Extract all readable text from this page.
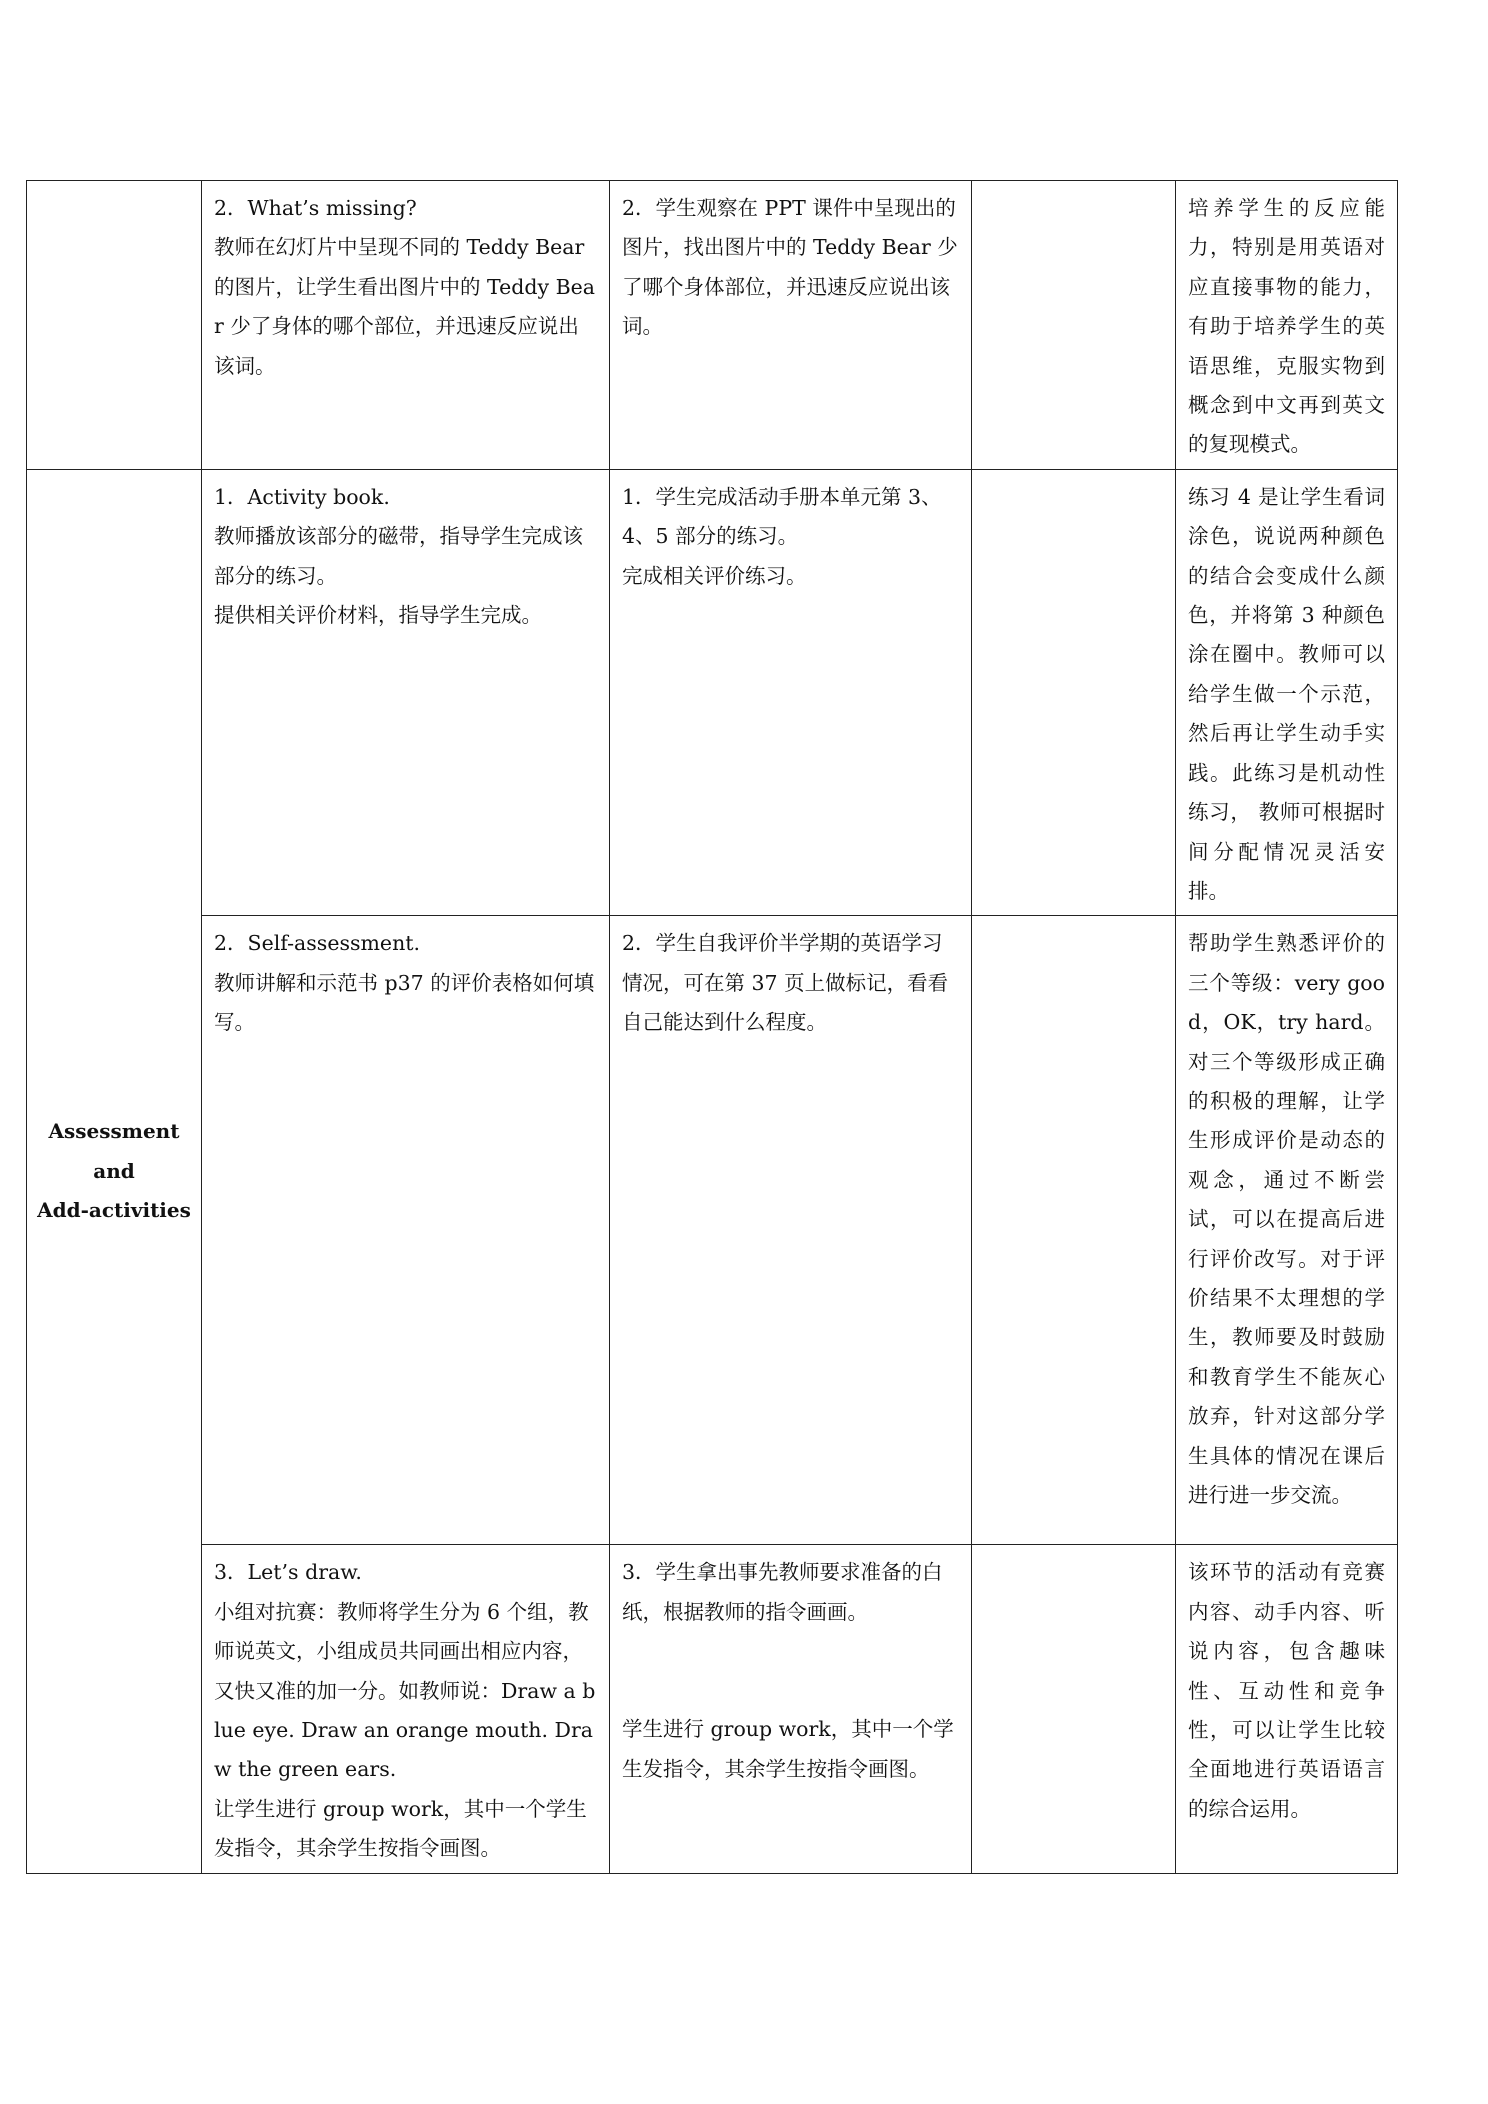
	2．What’s missing?
教师在幻灯片中呈现不同的 Teddy Bear 的图片，让学生看出图片中的 Teddy Bear 少了身体的哪个部位，并迅速反应说出该词。	2．学生观察在 PPT 课件中呈现出的图片，找出图片中的 Teddy Bear 少了哪个身体部位，并迅速反应说出该词。		培养学生的反应能力，特别是用英语对应直接事物的能力，有助于培养学生的英语思维，克服实物到概念到中文再到英文的复现模式。

Assessment
and
Add-activities	1．Activity book.
教师播放该部分的磁带，指导学生完成该部分的练习。
提供相关评价材料，指导学生完成。	1．学生完成活动手册本单元第 3、4、5 部分的练习。
完成相关评价练习。		练习 4 是让学生看词涂色，说说两种颜色的结合会变成什么颜色，并将第 3 种颜色涂在圈中。教师可以给学生做一个示范，然后再让学生动手实践。此练习是机动性练习， 教师可根据时间分配情况灵活安排。

	2．Self-assessment.
教师讲解和示范书 p37 的评价表格如何填写。	2．学生自我评价半学期的英语学习情况，可在第 37 页上做标记，看看自己能达到什么程度。		帮助学生熟悉评价的三个等级：very good，OK，try hard。对三个等级形成正确的积极的理解，让学生形成评价是动态的观念，通过不断尝试，可以在提高后进行评价改写。对于评价结果不太理想的学生，教师要及时鼓励和教育学生不能灰心放弃，针对这部分学生具体的情况在课后进行进一步交流。

	3．Let’s draw.
小组对抗赛：教师将学生分为 6 个组，教师说英文，小组成员共同画出相应内容，又快又准的加一分。如教师说：Draw a blue eye. Draw an orange mouth. Draw the green ears.
让学生进行 group work，其中一个学生发指令，其余学生按指令画图。	3．学生拿出事先教师要求准备的白纸，根据教师的指令画画。
学生进行 group work，其中一个学生发指令，其余学生按指令画图。		该环节的活动有竞赛内容、动手内容、听说内容，包含趣味性、互动性和竞争性，可以让学生比较全面地进行英语语言的综合运用。
